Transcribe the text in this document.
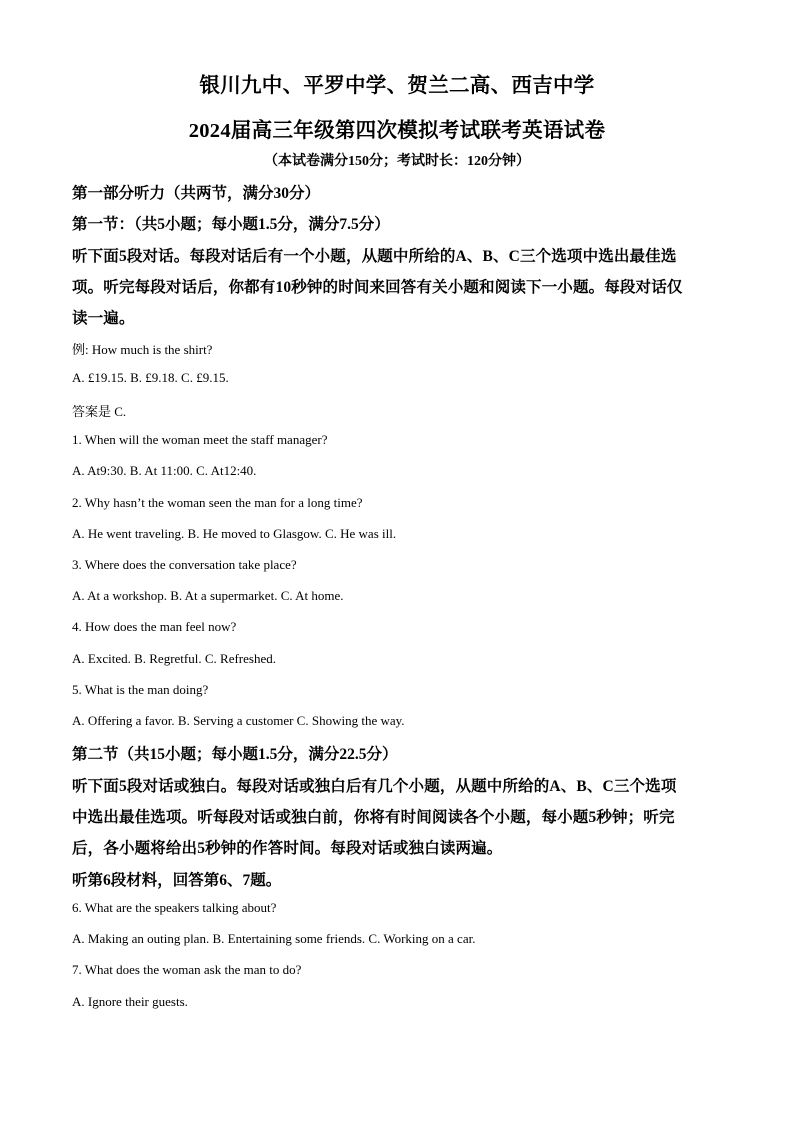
银川九中、平罗中学、贺兰二高、西吉中学
2024届高三年级第四次模拟考试联考英语试卷
（本试卷满分150分；考试时长：120分钟）
第一部分听力（共两节，满分30分）
第一节：（共5小题；每小题1.5分，满分7.5分）
听下面5段对话。每段对话后有一个小题，从题中所给的A、B、C三个选项中选出最佳选
项。听完每段对话后，你都有10秒钟的时间来回答有关小题和阅读下一小题。每段对话仅
读一遍。
例: How much is the shirt?
A. £19.15. B. £9.18. C. £9.15.
答案是 C.
1. When will the woman meet the staff manager?
A. At9:30. B. At 11:00. C. At12:40.
2. Why hasn’t the woman seen the man for a long time?
A. He went traveling. B. He moved to Glasgow. C. He was ill.
3. Where does the conversation take place?
A. At a workshop. B. At a supermarket. C. At home.
4. How does the man feel now?
A. Excited. B. Regretful. C. Refreshed.
5. What is the man doing?
A. Offering a favor. B. Serving a customer C. Showing the way.
第二节（共15小题；每小题1.5分，满分22.5分）
听下面5段对话或独白。每段对话或独白后有几个小题，从题中所给的A、B、C三个选项
中选出最佳选项。听每段对话或独白前，你将有时间阅读各个小题，每小题5秒钟；听完
后，各小题将给出5秒钟的作答时间。每段对话或独白读两遍。
听第6段材料，回答第6、7题。
6. What are the speakers talking about?
A. Making an outing plan. B. Entertaining some friends. C. Working on a car.
7. What does the woman ask the man to do?
A. Ignore their guests.
